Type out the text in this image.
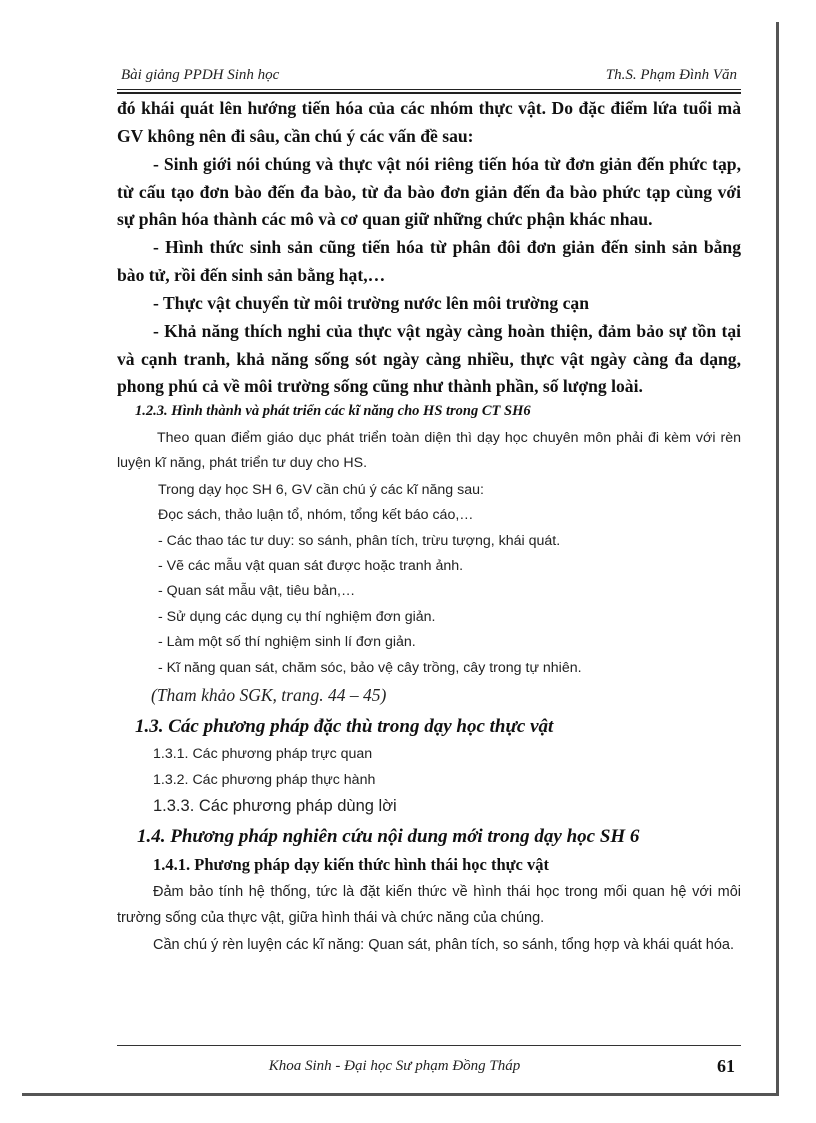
Bài giảng PPDH Sinh học	Th.S. Phạm Đình Văn
đó khái quát lên hướng tiến hóa của các nhóm thực vật. Do đặc điểm lứa tuổi mà GV không nên đi sâu, cần chú ý các vấn đề sau:
- Sinh giới nói chúng và thực vật nói riêng tiến hóa từ đơn giản đến phức tạp, từ cấu tạo đơn bào đến đa bào, từ đa bào đơn giản đến đa bào phức tạp cùng với sự phân hóa thành các mô và cơ quan giữ những chức phận khác nhau.
- Hình thức sinh sản cũng tiến hóa từ phân đôi đơn giản đến sinh sản bằng bào tử, rồi đến sinh sản bằng hạt,…
- Thực vật chuyển từ môi trường nước lên môi trường cạn
- Khả năng thích nghi của thực vật ngày càng hoàn thiện, đảm bảo sự tồn tại và cạnh tranh, khả năng sống sót ngày càng nhiều, thực vật ngày càng đa dạng, phong phú cả về môi trường sống cũng như thành phần, số lượng loài.
1.2.3. Hình thành và phát triển các kĩ năng cho HS trong CT SH6
Theo quan điểm giáo dục phát triển toàn diện thì dạy học chuyên môn phải đi kèm với rèn luyện kĩ năng, phát triển tư duy cho HS.
Trong dạy học SH 6, GV cần chú ý các kĩ năng sau:
Đọc sách, thảo luận tổ, nhóm, tổng kết báo cáo,…
- Các thao tác tư duy: so sánh, phân tích, trừu tượng, khái quát.
- Vẽ các mẫu vật quan sát được hoặc tranh ảnh.
- Quan sát mẫu vật, tiêu bản,…
- Sử dụng các dụng cụ thí nghiệm đơn giản.
- Làm một số thí nghiệm sinh lí đơn giản.
- Kĩ năng quan sát, chăm sóc, bảo vệ cây trồng, cây trong tự nhiên.
(Tham khảo SGK, trang. 44 – 45)
1.3. Các phương pháp đặc thù trong dạy học thực vật
1.3.1. Các phương pháp trực quan
1.3.2. Các phương pháp thực hành
1.3.3. Các phương pháp dùng lời
1.4. Phương pháp nghiên cứu nội dung mới trong dạy học SH 6
1.4.1. Phương pháp dạy kiến thức hình thái học thực vật
Đảm bảo tính hệ thống, tức là đặt kiến thức về hình thái học trong mối quan hệ với môi trường sống của thực vật, giữa hình thái và chức năng của chúng.
Cần chú ý rèn luyện các kĩ năng: Quan sát, phân tích, so sánh, tổng hợp và khái quát hóa.
Khoa Sinh - Đại học Sư phạm Đồng Tháp	61
